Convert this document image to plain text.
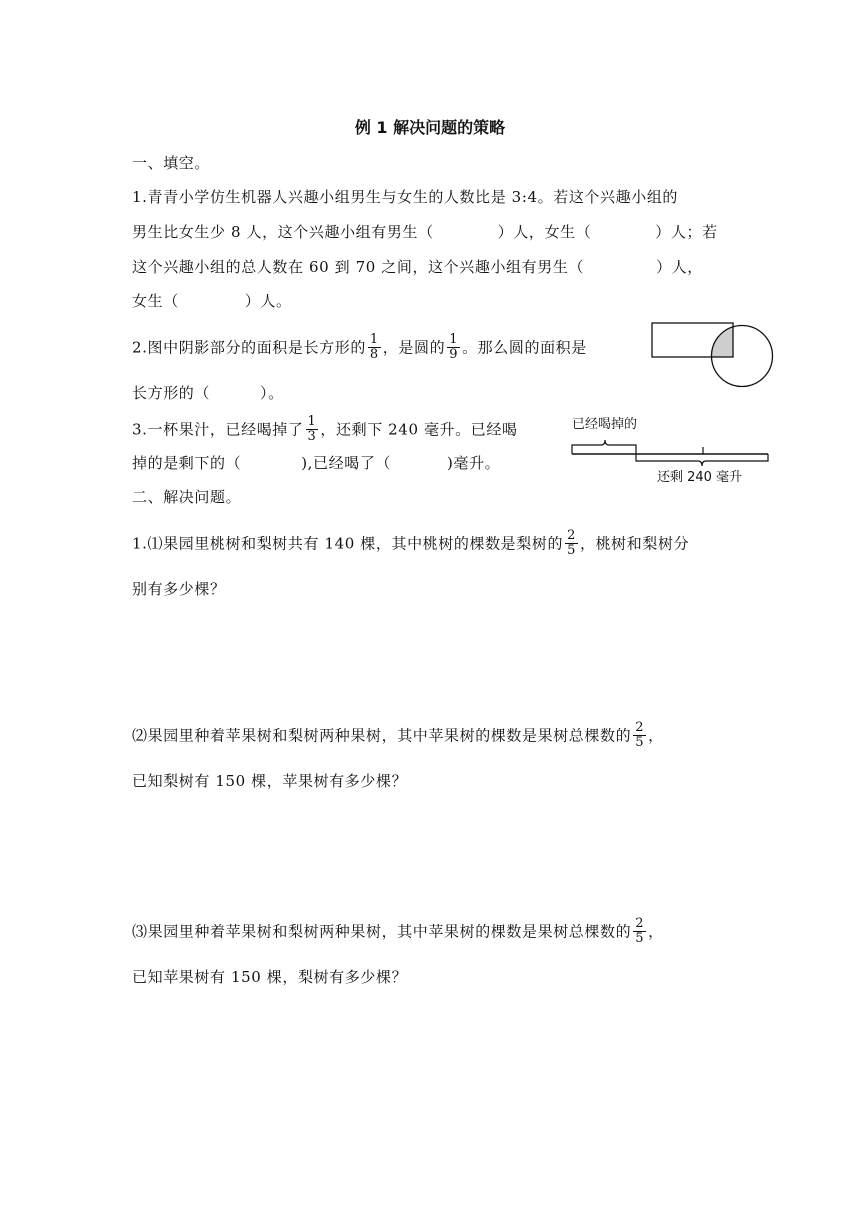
例 1 解决问题的策略
一、填空。
1.青青小学仿生机器人兴趣小组男生与女生的人数比是 3:4。若这个兴趣小组的
男生比女生少 8 人，这个兴趣小组有男生（	）人，女生（	）人；若
这个兴趣小组的总人数在 60 到 70 之间，这个兴趣小组有男生（	）人，
女生（	）人。
2.图中阴影部分的面积是长方形的 $\frac{1}{8}$ ，是圆的 $\frac{1}{9}$ 。那么圆的面积是
长方形的（	）。
3.一杯果汁，已经喝掉了 $\frac{1}{3}$ ，还剩下 240 毫升。已经喝
掉的是剩下的（	),已经喝了（	)毫升。
已经喝掉的
还剩 240 毫升
二、解决问题。
1.⑴果园里桃树和梨树共有 140 棵，其中桃树的棵数是梨树的 $\frac{2}{5}$ ，桃树和梨树分
别有多少棵？
⑵果园里种着苹果树和梨树两种果树，其中苹果树的棵数是果树总棵数的 $\frac{2}{5}$ ，
已知梨树有 150 棵，苹果树有多少棵？
⑶果园里种着苹果树和梨树两种果树，其中苹果树的棵数是果树总棵数的 $\frac{2}{5}$ ，
已知苹果树有 150 棵，梨树有多少棵？
